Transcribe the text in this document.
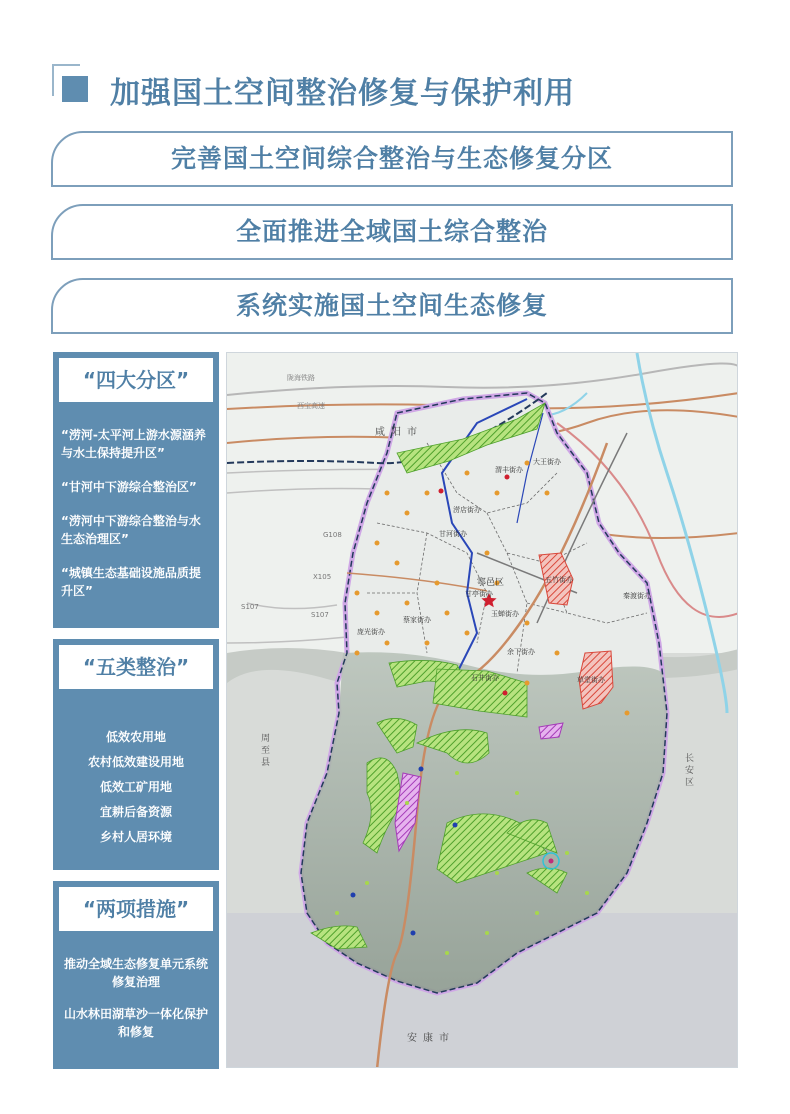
加强国土空间整治修复与保护利用
完善国土空间综合整治与生态修复分区
全面推进全域国土综合整治
系统实施国土空间生态修复
“四大分区”
“涝河-太平河上游水源涵养与水土保持提升区”
“甘河中下游综合整治区”
“涝河中下游综合整治与水生态治理区”
“城镇生态基础设施品质提升区”
“五类整治”
低效农用地
农村低效建设用地
低效工矿用地
宜耕后备资源
乡村人居环境
“两项措施”
推动全域生态修复单元系统修复治理
山水林田湖草沙一体化保护和修复
咸阳市
安康市
周至县	长安区
鄠邑区
渭丰街办
大王街办
涝店街办
甘河街办
甘亭街办
五竹街办
玉蝉街办
秦渡街办
蔡家街办
庞光街办
余下街办
石井街办	草堂街办
G108
X105
S107
S107
陇海铁路
西宝高速
